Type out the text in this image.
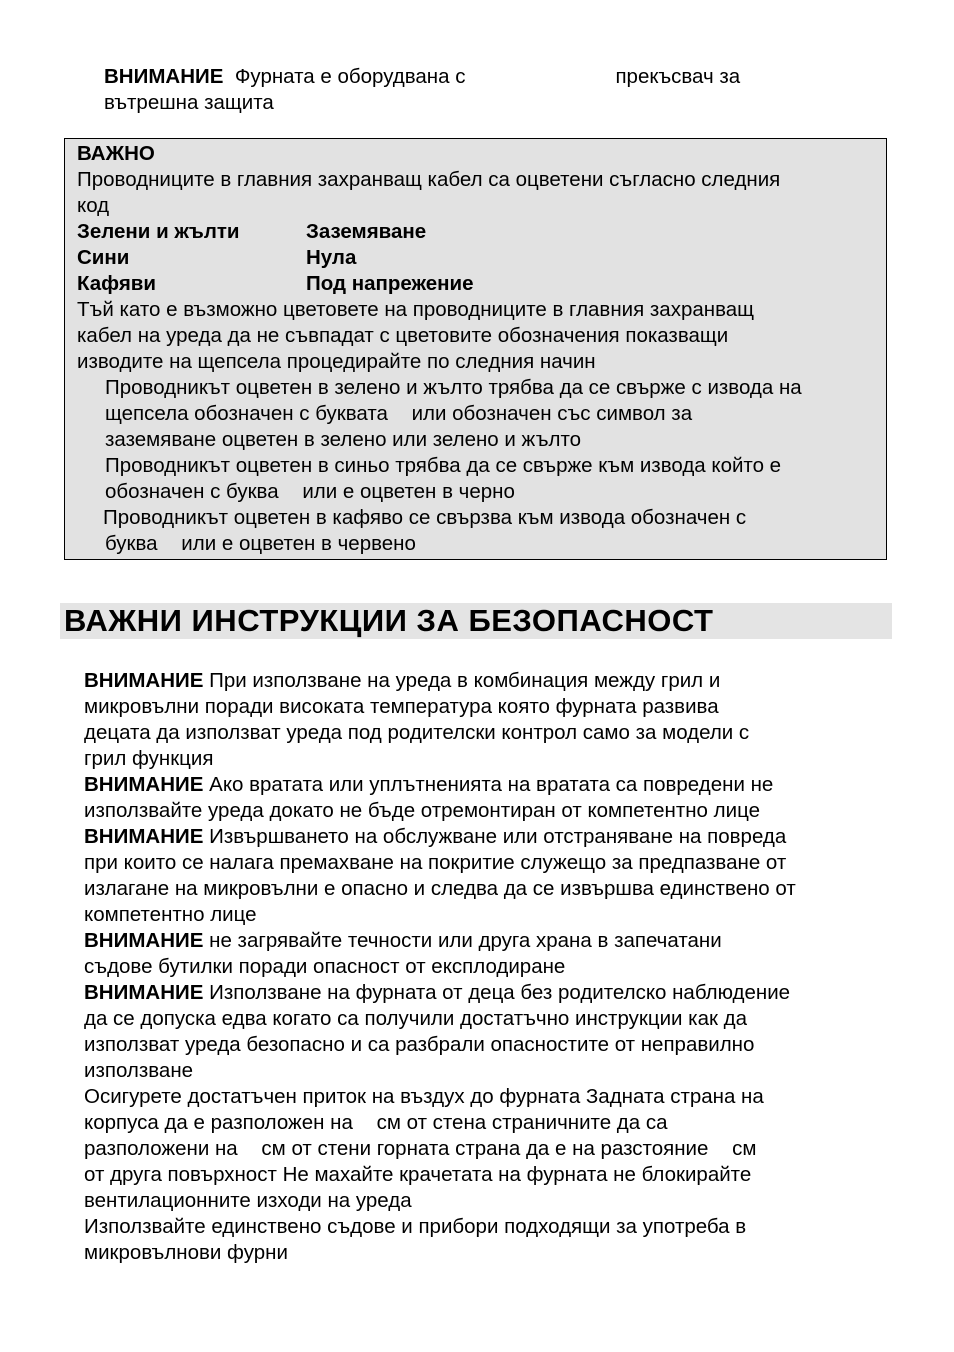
ВНИМАНИЕ Фурната е оборудвана с	прекъсвач за
вътрешна защита
ВАЖНО
Проводниците в главния захранващ кабел са оцветени съгласно следния
код
Зелени и жълти	Заземяване
Сини	Нула
Кафяви	Под напрежение
Тъй като е възможно цветовете на проводниците в главния захранващ
кабел на уреда да не съвпадат с цветовите обозначения показващи
изводите на щепсела процедирайте по следния начин
Проводникът оцветен в зелено и жълто трябва да се свърже с извода на
щепсела обозначен с буквата или обозначен със символ за
заземяване оцветен в зелено или зелено и жълто
Проводникът оцветен в синьо трябва да се свърже към извода който е
обозначен с буква или е оцветен в черно
Проводникът оцветен в кафяво се свързва към извода обозначен с
буква или е оцветен в червено
ВАЖНИ ИНСТРУКЦИИ ЗА БЕЗОПАСНОСТ

ВНИМАНИЕ При използване на уреда в комбинация между грил и
микровълни поради високата температура която фурната развива
децата да използват уреда под родителски контрол само за модели с
грил функция

ВНИМАНИЕ Ако вратата или уплътненията на вратата са повредени не
използвайте уреда докато не бъде отремонтиран от компетентно лице

ВНИМАНИЕ Извършването на обслужване или отстраняване на повреда
при които се налага премахване на покритие служещо за предпазване от
излагане на микровълни е опасно и следва да се извършва единствено от
компетентно лице

ВНИМАНИЕ не загрявайте течности или друга храна в запечатани
съдове бутилки поради опасност от експлодиране

ВНИМАНИЕ Използване на фурната от деца без родителско наблюдение
да се допуска едва когато са получили достатъчно инструкции как да
използват уреда безопасно и са разбрали опасностите от неправилно
използване

Осигурете достатъчен приток на въздух до фурната Задната страна на
корпуса да е разположен на см от стена страничните да са
разположени на см от стени горната страна да е на разстояние см
от друга повърхност Не махайте крачетата на фурната не блокирайте
вентилационните изходи на уреда

Използвайте единствено съдове и прибори подходящи за употреба в
микровълнови фурни
